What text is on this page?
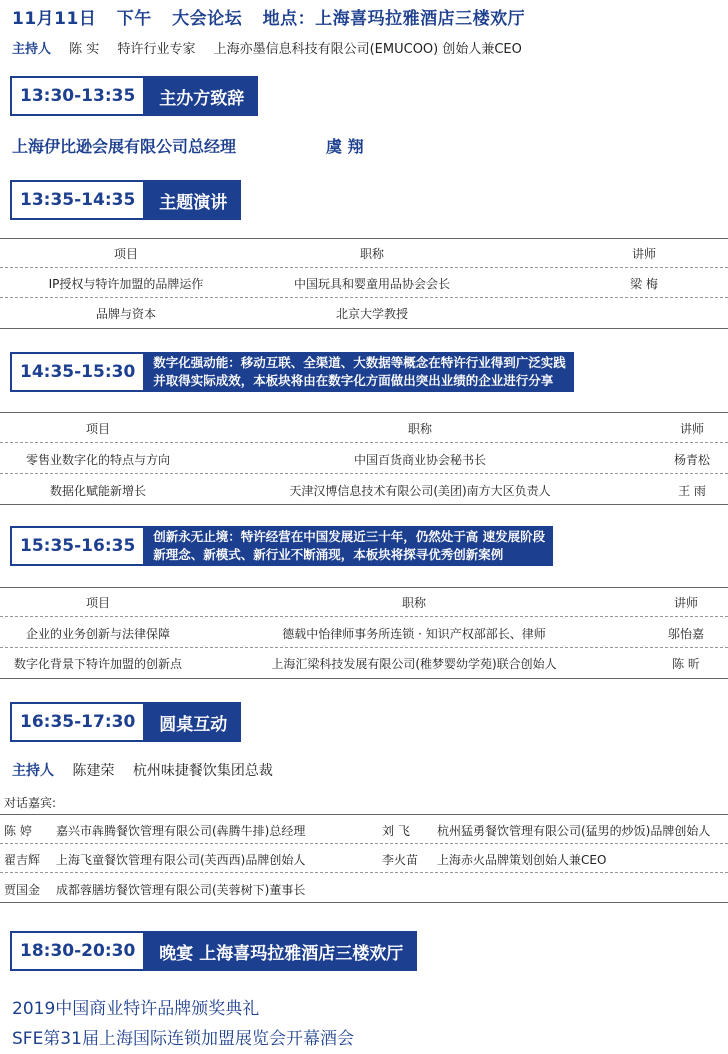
11月11日 下午 大会论坛 地点：上海喜玛拉雅酒店三楼欢厅
主持人 陈 实 特许行业专家 上海亦墨信息科技有限公司(EMUCOO) 创始人兼CEO
13:30-13:35	主办方致辞
上海伊比逊会展有限公司总经理	虞 翔
13:35-14:35	主题演讲
项目	职称	讲师
IP授权与特许加盟的品牌运作	中国玩具和婴童用品协会会长	梁 梅
品牌与资本	北京大学教授
14:35-15:30	数字化强动能：移动互联、全渠道、大数据等概念在特许行业得到广泛实践
并取得实际成效，本板块将由在数字化方面做出突出业绩的企业进行分享
项目	职称	讲师
零售业数字化的特点与方向	中国百货商业协会秘书长	杨青松
数据化赋能新增长	天津汉博信息技术有限公司(美团)南方大区负责人	王 雨
15:35-16:35	创新永无止境：特许经营在中国发展近三十年，仍然处于高 速发展阶段
新理念、新模式、新行业不断涌现，本板块将探寻优秀创新案例
项目	职称	讲师
企业的业务创新与法律保障	德载中怡律师事务所连锁 · 知识产权部部长、律师	邬怡嘉
数字化背景下特许加盟的创新点	上海汇梁科技发展有限公司(稚梦婴幼学苑)联合创始人	陈 昕
16:35-17:30	圆桌互动
主持人 陈建荣 杭州味捷餐饮集团总裁
对话嘉宾:
陈 婷 嘉兴市犇腾餐饮管理有限公司(犇腾牛排)总经理	刘 飞 杭州猛勇餐饮管理有限公司(猛男的炒饭)品牌创始人
翟吉辉 上海飞童餐饮管理有限公司(芙西西)品牌创始人	李火苗 上海赤火品牌策划创始人兼CEO
贾国金 成都蓉膳坊餐饮管理有限公司(芙蓉树下)董事长
18:30-20:30	晚宴 上海喜玛拉雅酒店三楼欢厅
2019中国商业特许品牌颁奖典礼
SFE第31届上海国际连锁加盟展览会开幕酒会
